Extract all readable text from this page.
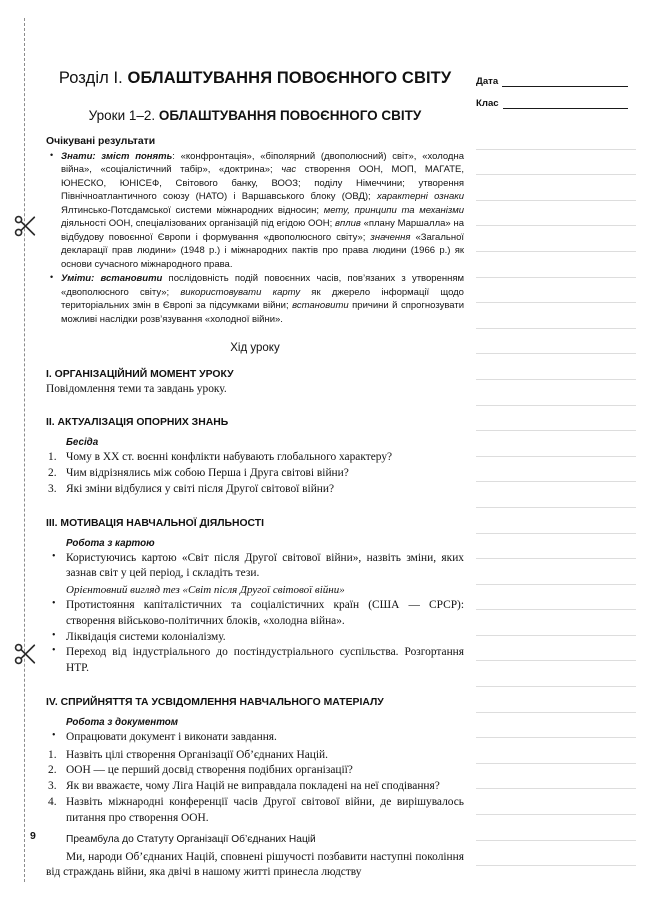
Розділ I. ОБЛАШТУВАННЯ ПОВОЄННОГО СВІТУ
Уроки 1–2. ОБЛАШТУВАННЯ ПОВОЄННОГО СВІТУ
Очікувані результати
• Знати: зміст понять: «конфронтація», «біполярний (двополюсний) світ», «холодна війна», «соціалістичний табір», «доктрина»; час створення ООН, МОП, МАГАТЕ, ЮНЕСКО, ЮНІСЕФ, Світового банку, ВООЗ; поділу Німеччини; утворення Північноатлантичного союзу (НАТО) і Варшавського блоку (ОВД); характерні ознаки Ялтинсько-Потсдамської системи міжнародних відносин; мету, принципи та механізми діяльності ООН, спеціалізованих організацій під егідою ООН; вплив «плану Маршалла» на відбудову повоєнної Європи і формування «двополюсного світу»; значення «Загальної декларації прав людини» (1948 р.) і міжнародних пактів про права людини (1966 р.) як основи сучасного міжнародного права.
• Уміти: встановити послідовність подій повоєнних часів, пов’язаних з утворенням «двополюсного світу»; використовувати карту як джерело інформації щодо територіальних змін в Європі за підсумками війни; встановити причини й спрогнозувати можливі наслідки розв’язування «холодної війни».
Хід уроку
I. ОРГАНІЗАЦІЙНИЙ МОМЕНТ УРОКУ
Повідомлення теми та завдань уроку.
II. АКТУАЛІЗАЦІЯ ОПОРНИХ ЗНАНЬ
Бесіда
1. Чому в XX ст. воєнні конфлікти набувають глобального характеру?
2. Чим відрізнялись між собою Перша і Друга світові війни?
3. Які зміни відбулися у світі після Другої світової війни?
III. МОТИВАЦІЯ НАВЧАЛЬНОЇ ДІЯЛЬНОСТІ
Робота з картою
• Користуючись картою «Світ після Другої світової війни», назвіть зміни, яких зазнав світ у цей період, і складіть тези.
Орієнтовний вигляд тез «Світ після Другої світової війни»
• Протистояння капіталістичних та соціалістичних країн (США — СРСР): створення військово-політичних блоків, «холодна війна».
• Ліквідація системи колоніалізму.
• Переход від індустріального до постіндустріального суспільства. Розгортання НТР.
IV. СПРИЙНЯТТЯ ТА УСВІДОМЛЕННЯ НАВЧАЛЬНОГО МАТЕРІАЛУ
Робота з документом
• Опрацювати документ і виконати завдання.
1. Назвіть цілі створення Організації Об’єднаних Націй.
2. ООН — це перший досвід створення подібних організації?
3. Як ви вважаєте, чому Ліга Націй не виправдала покладені на неї сподівання?
4. Назвіть міжнародні конференції часів Другої світової війни, де вирішувалось питання про створення ООН.
Преамбула до Статуту Організації Об’єднаних Націй
Ми, народи Об’єднаних Націй, сповнені рішучості позбавити наступні покоління від страждань війни, яка двічі в нашому житті принесла людству
9
Дата
Клас
